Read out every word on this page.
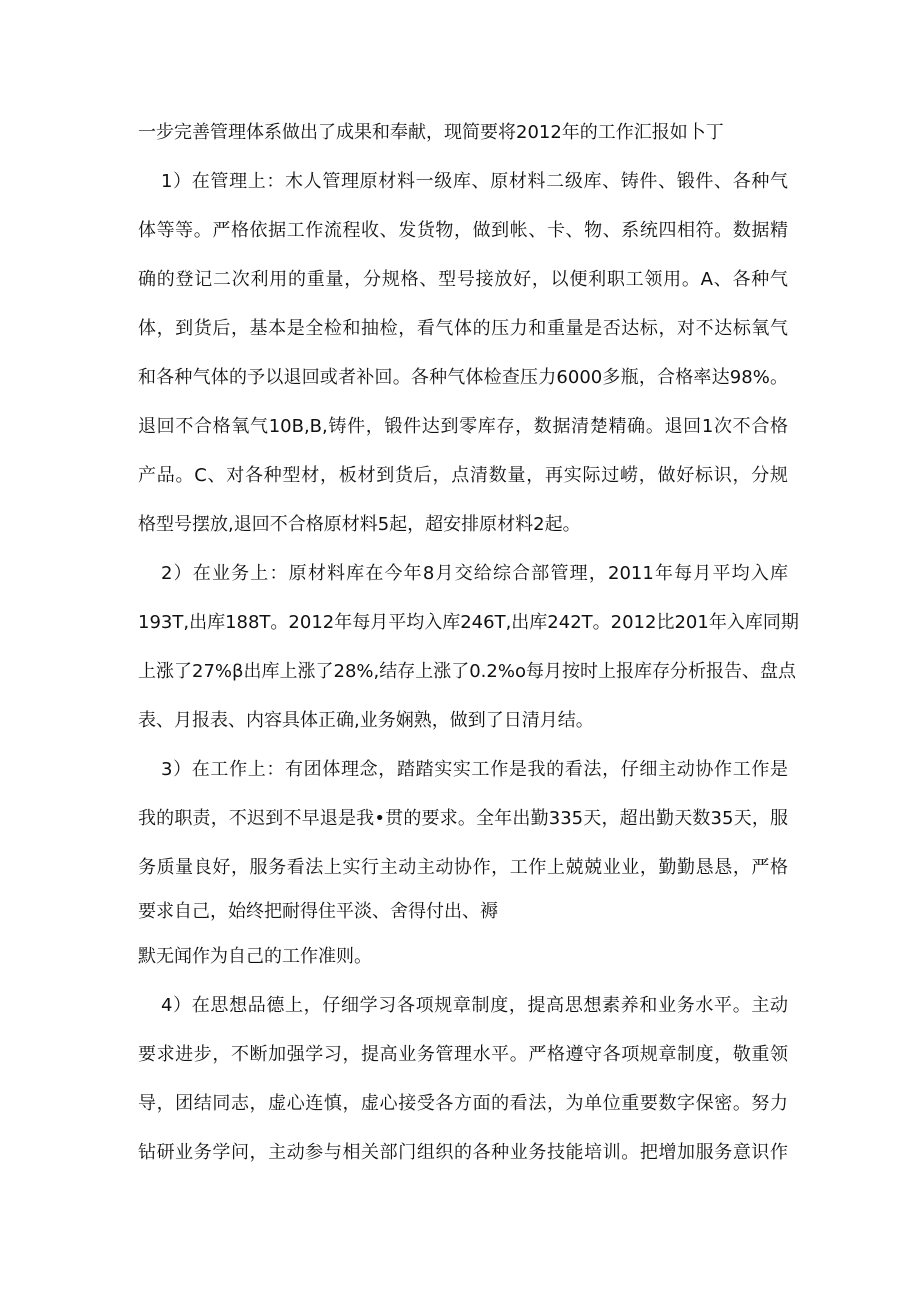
一步完善管理体系做出了成果和奉献，现简要将2012年的工作汇报如卜丁
1）在管理上：木人管理原材料一级库、原材料二级库、铸件、锻件、各种气
体等等。严格依据工作流程收、发货物，做到帐、卡、物、系统四相符。数据精
确的登记二次利用的重量，分规格、型号接放好，以便利职工领用。A、各种气
体，到货后，基本是全检和抽检，看气体的压力和重量是否达标，对不达标氧气
和各种气体的予以退回或者补回。各种气体检查压力6000多瓶，合格率达98%。
退回不合格氧气10B,B,铸件，锻件达到零库存，数据清楚精确。退回1次不合格
产品。C、对各种型材，板材到货后，点清数量，再实际过崂，做好标识，分规
格型号摆放,退回不合格原材料5起，超安排原材料2起。
2）在业务上：原材料库在今年8月交给综合部管理，2011年每月平均入库
193T,出库188T。2012年每月平均入库246T,出库242T。2012比201年入库同期
上涨了27%β出库上涨了28%,结存上涨了0.2%o每月按时上报库存分析报告、盘点
表、月报表、内容具体正确,业务娴熟，做到了日清月结。
3）在工作上：有团体理念，踏踏实实工作是我的看法，仔细主动协作工作是
我的职责，不迟到不早退是我•贯的要求。全年出勤335天，超出勤天数35天，服
务质量良好，服务看法上实行主动主动协作，工作上兢兢业业，勤勤恳恳，严格
要求自己，始终把耐得住平淡、舍得付出、褥
默无闻作为自己的工作准则。
4）在思想品德上，仔细学习各项规章制度，提高思想素养和业务水平。主动
要求进步，不断加强学习，提高业务管理水平。严格遵守各项规章制度，敬重领
导，团结同志，虚心连慎，虚心接受各方面的看法，为单位重要数字保密。努力
钻研业务学问，主动参与相关部门组织的各种业务技能培训。把增加服务意识作
